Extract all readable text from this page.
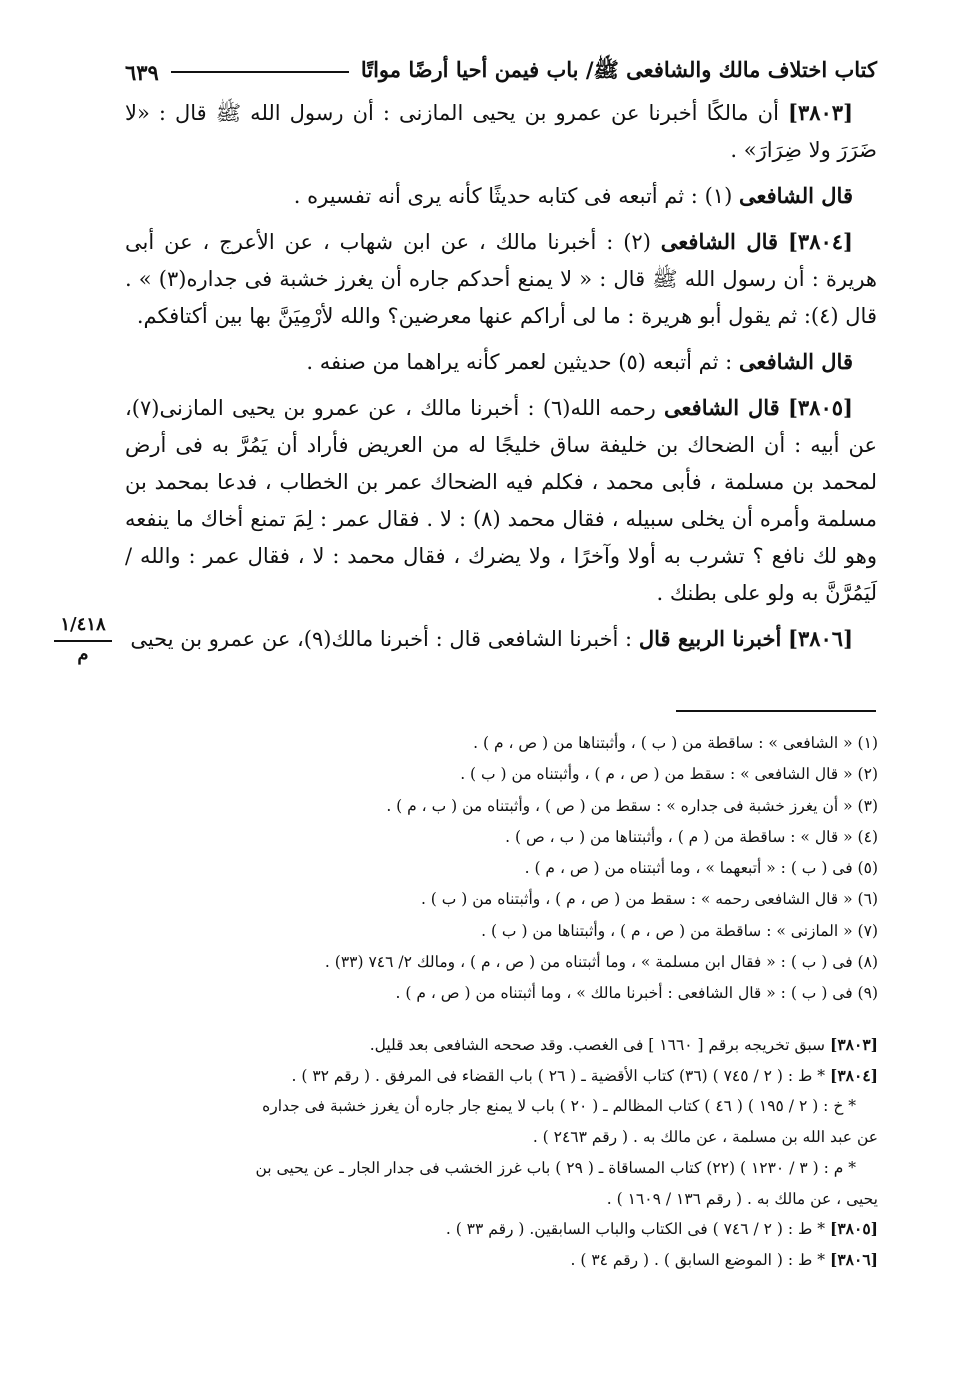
كتاب اختلاف مالك والشافعى ﷺ/ باب فيمن أحيا أرضًا مواتًا
٦٣٩

[٣٨٠٣] أن مالكًا أخبرنا عن عمرو بن يحيى المازنى : أن رسول الله ﷺ قال : «لا ضَرَرَ ولا ضِرَارَ» .

قال الشافعى (١) : ثم أتبعه فى كتابه حديثًا كأنه يرى أنه تفسيره .

[٣٨٠٤] قال الشافعى (٢) : أخبرنا مالك ، عن ابن شهاب ، عن الأعرج ، عن أبى هريرة : أن رسول الله ﷺ قال : « لا يمنع أحدكم جاره أن يغرز خشبة فى جداره(٣) » . قال (٤): ثم يقول أبو هريرة : ما لى أراكم عنها معرضين؟ والله لأرْمِيَنَّ بها بين أكتافكم.

قال الشافعى : ثم أتبعه (٥) حديثين لعمر كأنه يراهما من صنفه .

[٣٨٠٥] قال الشافعى رحمه الله(٦) : أخبرنا مالك ، عن عمرو بن يحيى المازنى(٧)، عن أبيه : أن الضحاك بن خليفة ساق خليجًا له من العريض فأراد أن يَمُرَّ به فى أرض لمحمد بن مسلمة ، فأبى محمد ، فكلم فيه الضحاك عمر بن الخطاب ، فدعا بمحمد بن مسلمة وأمره أن يخلى سبيله ، فقال محمد (٨) : لا . فقال عمر : لِمَ تمنع أخاك ما ينفعه وهو لك نافع ؟ تشرب به أولا وآخرًا ، ولا يضرك ، فقال محمد : لا ، فقال عمر : والله / لَيَمُرَّنَّ به ولو على بطنك .

[٣٨٠٦] أخبرنا الربيع قال : أخبرنا الشافعى قال : أخبرنا مالك(٩)، عن عمرو بن يحيى

١/٤١٨
م
(١) « الشافعى » : ساقطة من ( ب ) ، وأثبتناها من ( ص ، م ) .
(٢) « قال الشافعى » : سقط من ( ص ، م ) ، وأثبتناه من ( ب ) .
(٣) « أن يغرز خشبة فى جداره » : سقط من ( ص ) ، وأثبتناه من ( ب ، م ) .
(٤) « قال » : ساقطة من ( م ) ، وأثبتناها من ( ب ، ص ) .
(٥) فى ( ب ) : « أتبعهما » ، وما أثبتناه من ( ص ، م ) .
(٦) « قال الشافعى رحمه » : سقط من ( ص ، م ) ، وأثبتناه من ( ب ) .
(٧) « المازنى » : ساقطة من ( ص ، م ) ، وأثبتناها من ( ب ) .
(٨) فى ( ب ) : « فقال ابن مسلمة » ، وما أثبتناه من ( ص ، م ) ، ومالك ٢/ ٧٤٦ (٣٣) .
(٩) فى ( ب ) : « قال الشافعى : أخبرنا مالك » ، وما أثبتناه من ( ص ، م ) .
[٣٨٠٣] سبق تخريجه برقم [ ١٦٦٠ ] فى الغصب. وقد صححه الشافعى بعد قليل.
[٣٨٠٤] * ط : ( ٢ / ٧٤٥ ) (٣٦) كتاب الأقضية ـ ( ٢٦ ) باب القضاء فى المرفق . ( رقم ٣٢ ) .
* خ : ( ٢ / ١٩٥ ) ( ٤٦ ) كتاب المظالم ـ ( ٢٠ ) باب لا يمنع جار جاره أن يغرز خشبة فى جداره
عن عبد الله بن مسلمة ، عن مالك به . ( رقم ٢٤٦٣ ) .
* م : ( ٣ / ١٢٣٠ ) (٢٢) كتاب المساقاة ـ ( ٢٩ ) باب غرز الخشب فى جدار الجار ـ عن يحيى بن
يحيى ، عن مالك به . ( رقم ١٣٦ / ١٦٠٩ ) .
[٣٨٠٥] * ط : ( ٢ / ٧٤٦ ) فى الكتاب والباب السابقين. ( رقم ٣٣ ) .
[٣٨٠٦] * ط : ( الموضع السابق ) . ( رقم ٣٤ ) .
